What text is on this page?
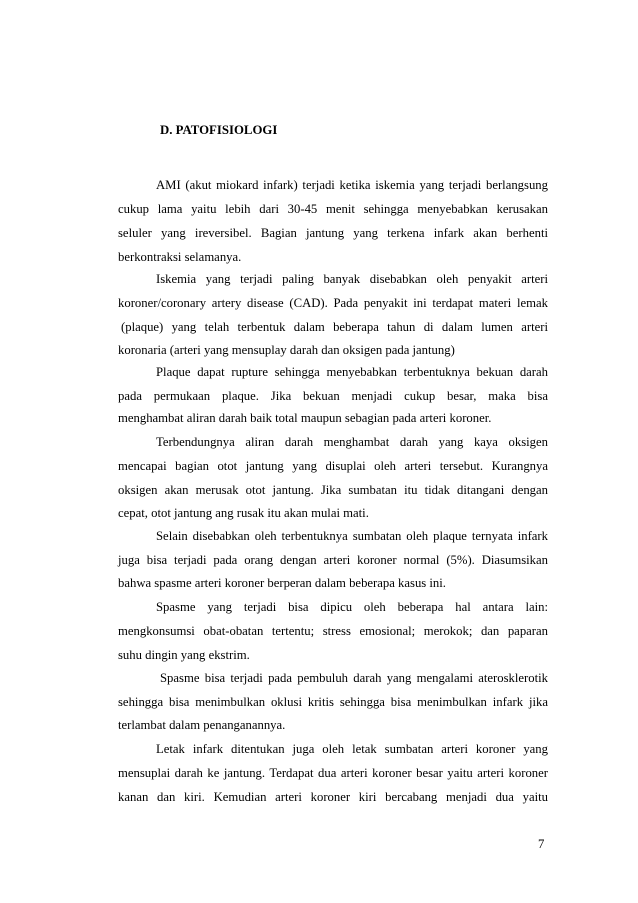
D. PATOFISIOLOGI
AMI (akut miokard infark) terjadi ketika iskemia yang terjadi berlangsung
cukup lama yaitu lebih dari 30-45 menit sehingga menyebabkan kerusakan
seluler yang ireversibel. Bagian jantung yang terkena infark akan berhenti
berkontraksi selamanya.
Iskemia yang terjadi paling banyak disebabkan oleh penyakit arteri
koroner/coronary artery disease (CAD). Pada penyakit ini terdapat materi lemak
(plaque) yang telah terbentuk dalam beberapa tahun di dalam lumen arteri
koronaria (arteri yang mensuplay darah dan oksigen pada jantung)
Plaque dapat rupture sehingga menyebabkan terbentuknya bekuan darah
pada permukaan plaque. Jika bekuan menjadi cukup besar, maka bisa
menghambat aliran darah baik total maupun sebagian pada arteri koroner.
Terbendungnya aliran darah menghambat darah yang kaya oksigen
mencapai bagian otot jantung yang disuplai oleh arteri tersebut. Kurangnya
oksigen akan merusak otot jantung. Jika sumbatan itu tidak ditangani dengan
cepat, otot jantung ang rusak itu akan mulai mati.
Selain disebabkan oleh terbentuknya sumbatan oleh plaque ternyata infark
juga bisa terjadi pada orang dengan arteri koroner normal (5%). Diasumsikan
bahwa spasme arteri koroner berperan dalam beberapa kasus ini.
Spasme yang terjadi bisa dipicu oleh beberapa hal antara lain:
mengkonsumsi obat-obatan tertentu; stress emosional; merokok; dan paparan
suhu dingin yang ekstrim.
Spasme bisa terjadi pada pembuluh darah yang mengalami aterosklerotik
sehingga bisa menimbulkan oklusi kritis sehingga bisa menimbulkan infark jika
terlambat dalam penanganannya.
Letak infark ditentukan juga oleh letak sumbatan arteri koroner yang
mensuplai darah ke jantung. Terdapat dua arteri koroner besar yaitu arteri koroner
kanan dan kiri. Kemudian arteri koroner kiri bercabang menjadi dua yaitu
7
